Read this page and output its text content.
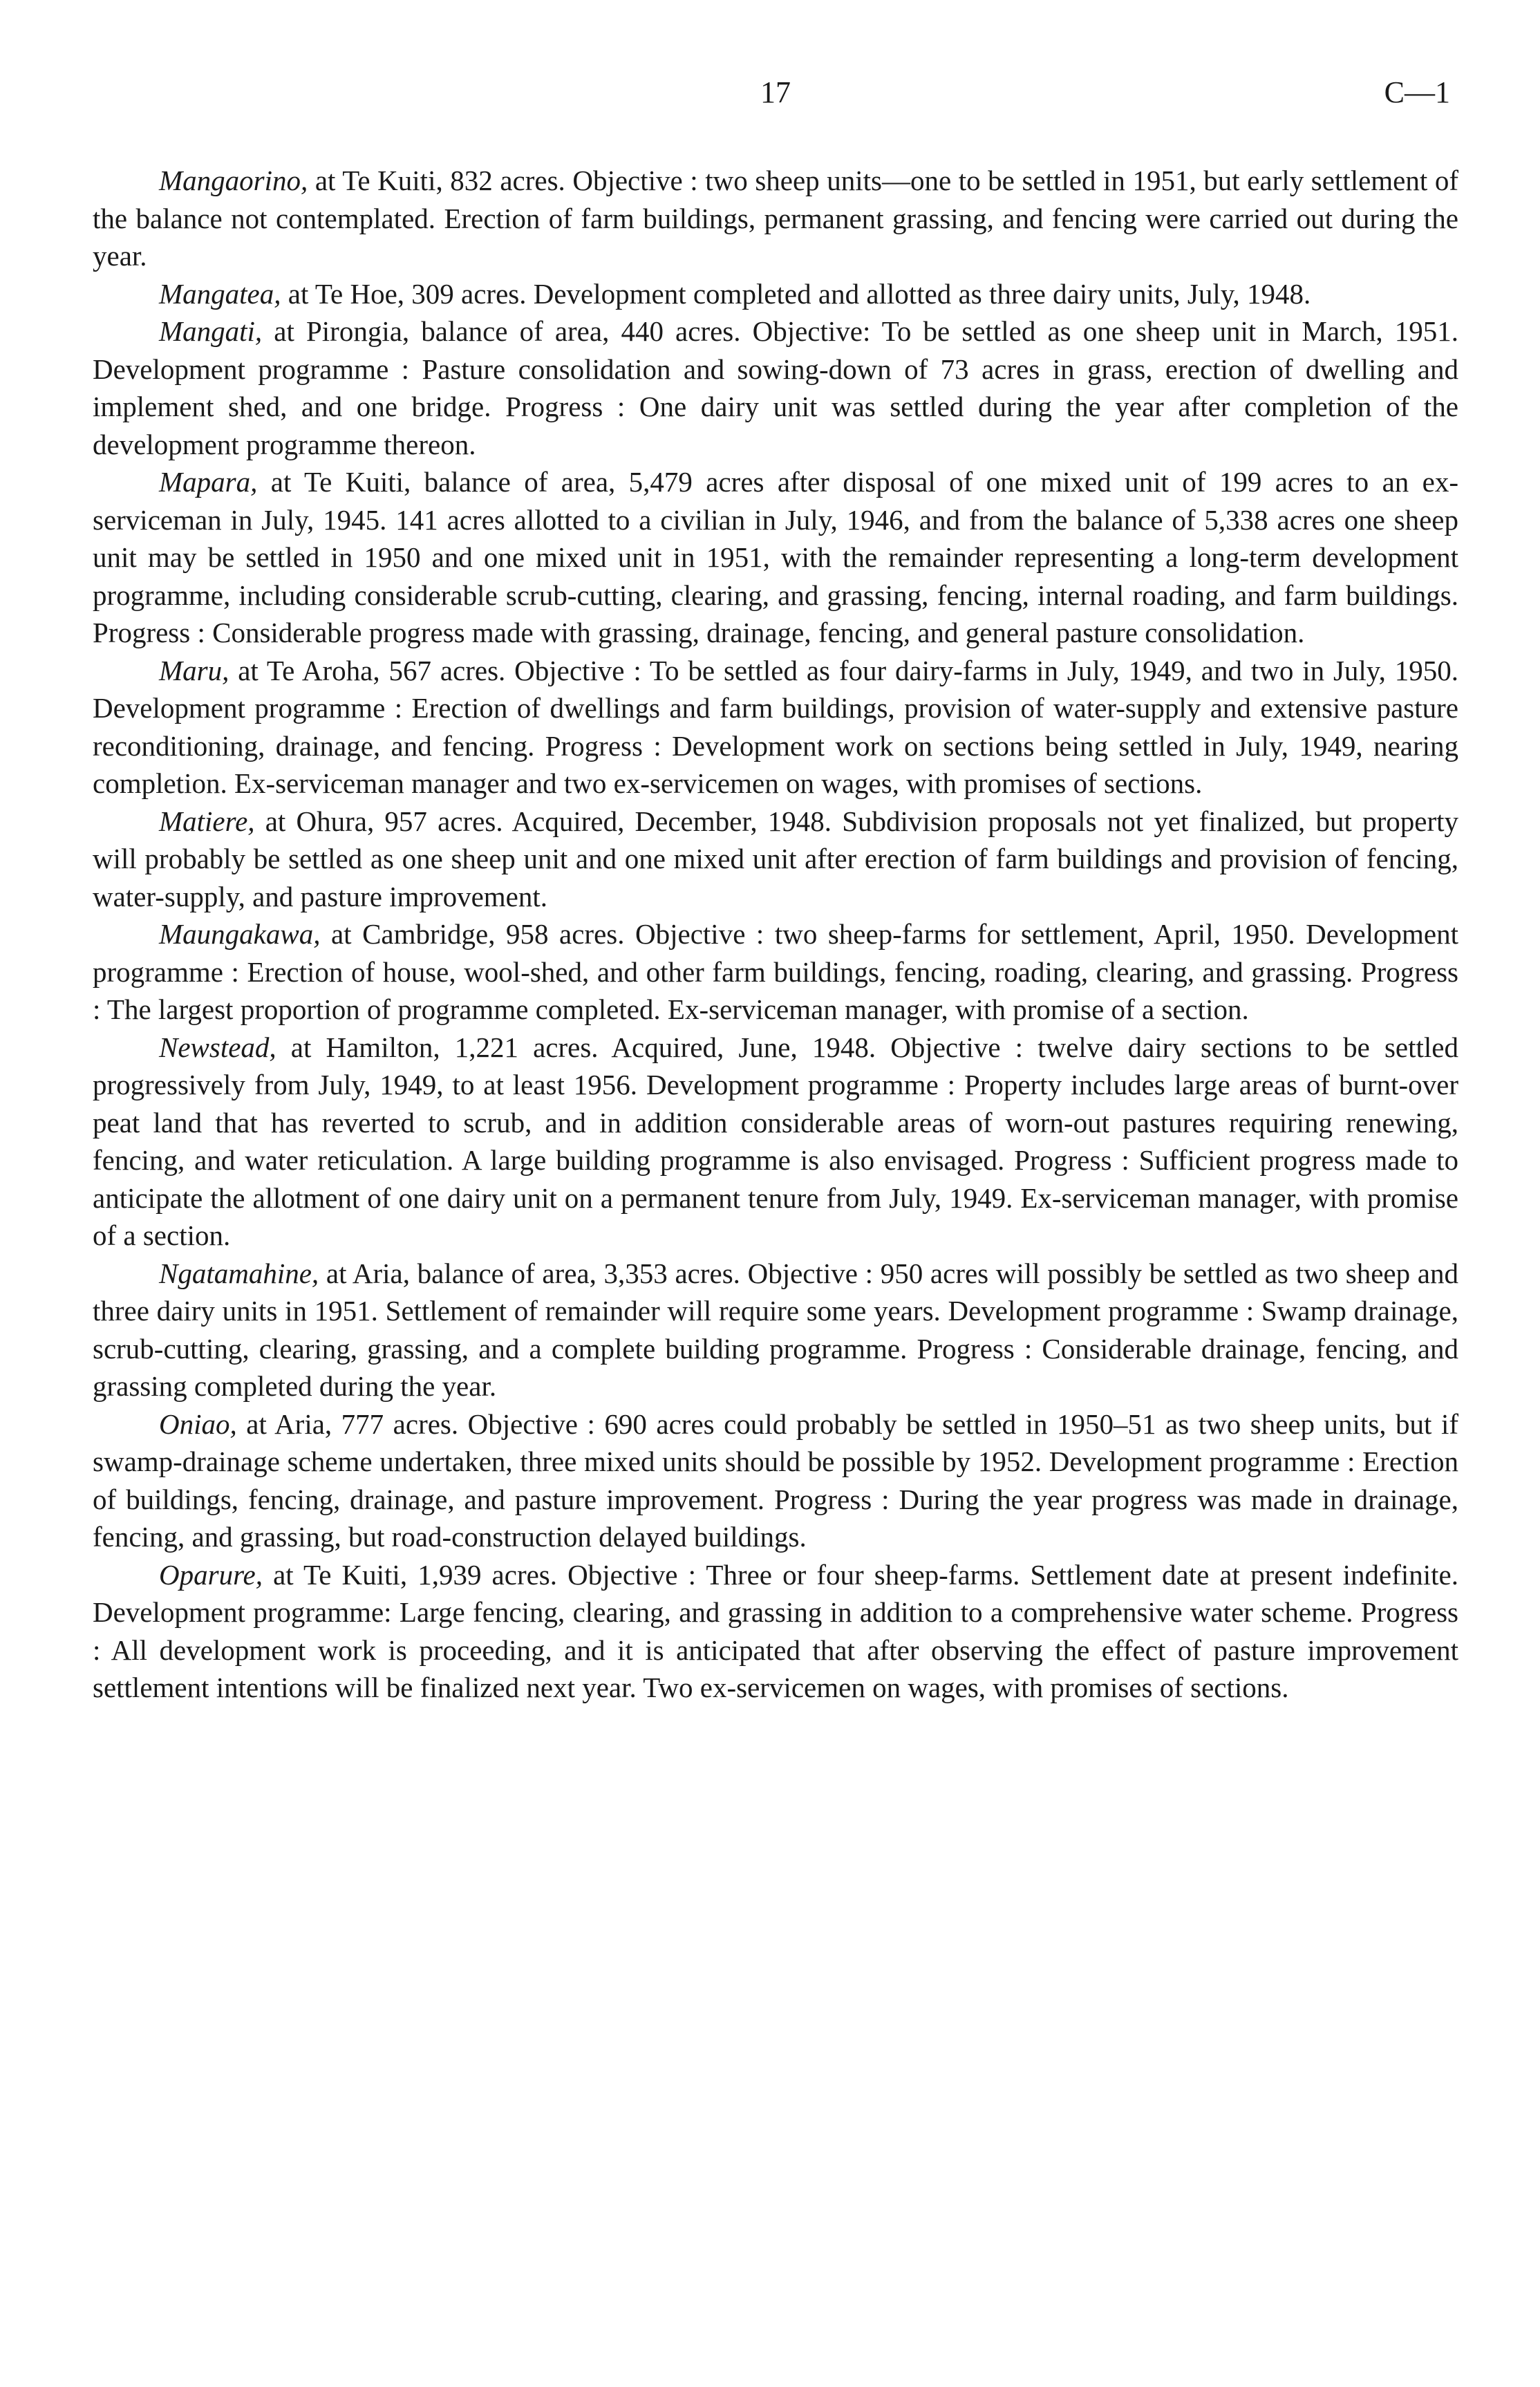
17	C—1

Mangaorino, at Te Kuiti, 832 acres. Objective : two sheep units—one to be settled in 1951, but early settlement of the balance not contemplated. Erection of farm buildings, permanent grassing, and fencing were carried out during the year.

Mangatea, at Te Hoe, 309 acres. Development completed and allotted as three dairy units, July, 1948.

Mangati, at Pirongia, balance of area, 440 acres. Objective: To be settled as one sheep unit in March, 1951. Development programme : Pasture consolidation and sowing-down of 73 acres in grass, erection of dwelling and implement shed, and one bridge. Progress : One dairy unit was settled during the year after completion of the development programme thereon.

Mapara, at Te Kuiti, balance of area, 5,479 acres after disposal of one mixed unit of 199 acres to an ex-serviceman in July, 1945. 141 acres allotted to a civilian in July, 1946, and from the balance of 5,338 acres one sheep unit may be settled in 1950 and one mixed unit in 1951, with the remainder representing a long-term development programme, including considerable scrub-cutting, clearing, and grassing, fencing, internal roading, and farm buildings. Progress : Considerable progress made with grassing, drainage, fencing, and general pasture consolidation.

Maru, at Te Aroha, 567 acres. Objective : To be settled as four dairy-farms in July, 1949, and two in July, 1950. Development programme : Erection of dwellings and farm buildings, provision of water-supply and extensive pasture reconditioning, drainage, and fencing. Progress : Development work on sections being settled in July, 1949, nearing completion. Ex-serviceman manager and two ex-servicemen on wages, with promises of sections.

Matiere, at Ohura, 957 acres. Acquired, December, 1948. Subdivision proposals not yet finalized, but property will probably be settled as one sheep unit and one mixed unit after erection of farm buildings and provision of fencing, water-supply, and pasture improvement.

Maungakawa, at Cambridge, 958 acres. Objective : two sheep-farms for settlement, April, 1950. Development programme : Erection of house, wool-shed, and other farm buildings, fencing, roading, clearing, and grassing. Progress : The largest proportion of programme completed. Ex-serviceman manager, with promise of a section.

Newstead, at Hamilton, 1,221 acres. Acquired, June, 1948. Objective : twelve dairy sections to be settled progressively from July, 1949, to at least 1956. Development programme : Property includes large areas of burnt-over peat land that has reverted to scrub, and in addition considerable areas of worn-out pastures requiring renewing, fencing, and water reticulation. A large building programme is also envisaged. Progress : Sufficient progress made to anticipate the allotment of one dairy unit on a permanent tenure from July, 1949. Ex-serviceman manager, with promise of a section.

Ngatamahine, at Aria, balance of area, 3,353 acres. Objective : 950 acres will possibly be settled as two sheep and three dairy units in 1951. Settlement of remainder will require some years. Development programme : Swamp drainage, scrub-cutting, clearing, grassing, and a complete building programme. Progress : Considerable drainage, fencing, and grassing completed during the year.

Oniao, at Aria, 777 acres. Objective : 690 acres could probably be settled in 1950–51 as two sheep units, but if swamp-drainage scheme undertaken, three mixed units should be possible by 1952. Development programme : Erection of buildings, fencing, drainage, and pasture improvement. Progress : During the year progress was made in drainage, fencing, and grassing, but road-construction delayed buildings.

Oparure, at Te Kuiti, 1,939 acres. Objective : Three or four sheep-farms. Settlement date at present indefinite. Development programme: Large fencing, clearing, and grassing in addition to a comprehensive water scheme. Progress : All development work is proceeding, and it is anticipated that after observing the effect of pasture improvement settlement intentions will be finalized next year. Two ex-servicemen on wages, with promises of sections.
